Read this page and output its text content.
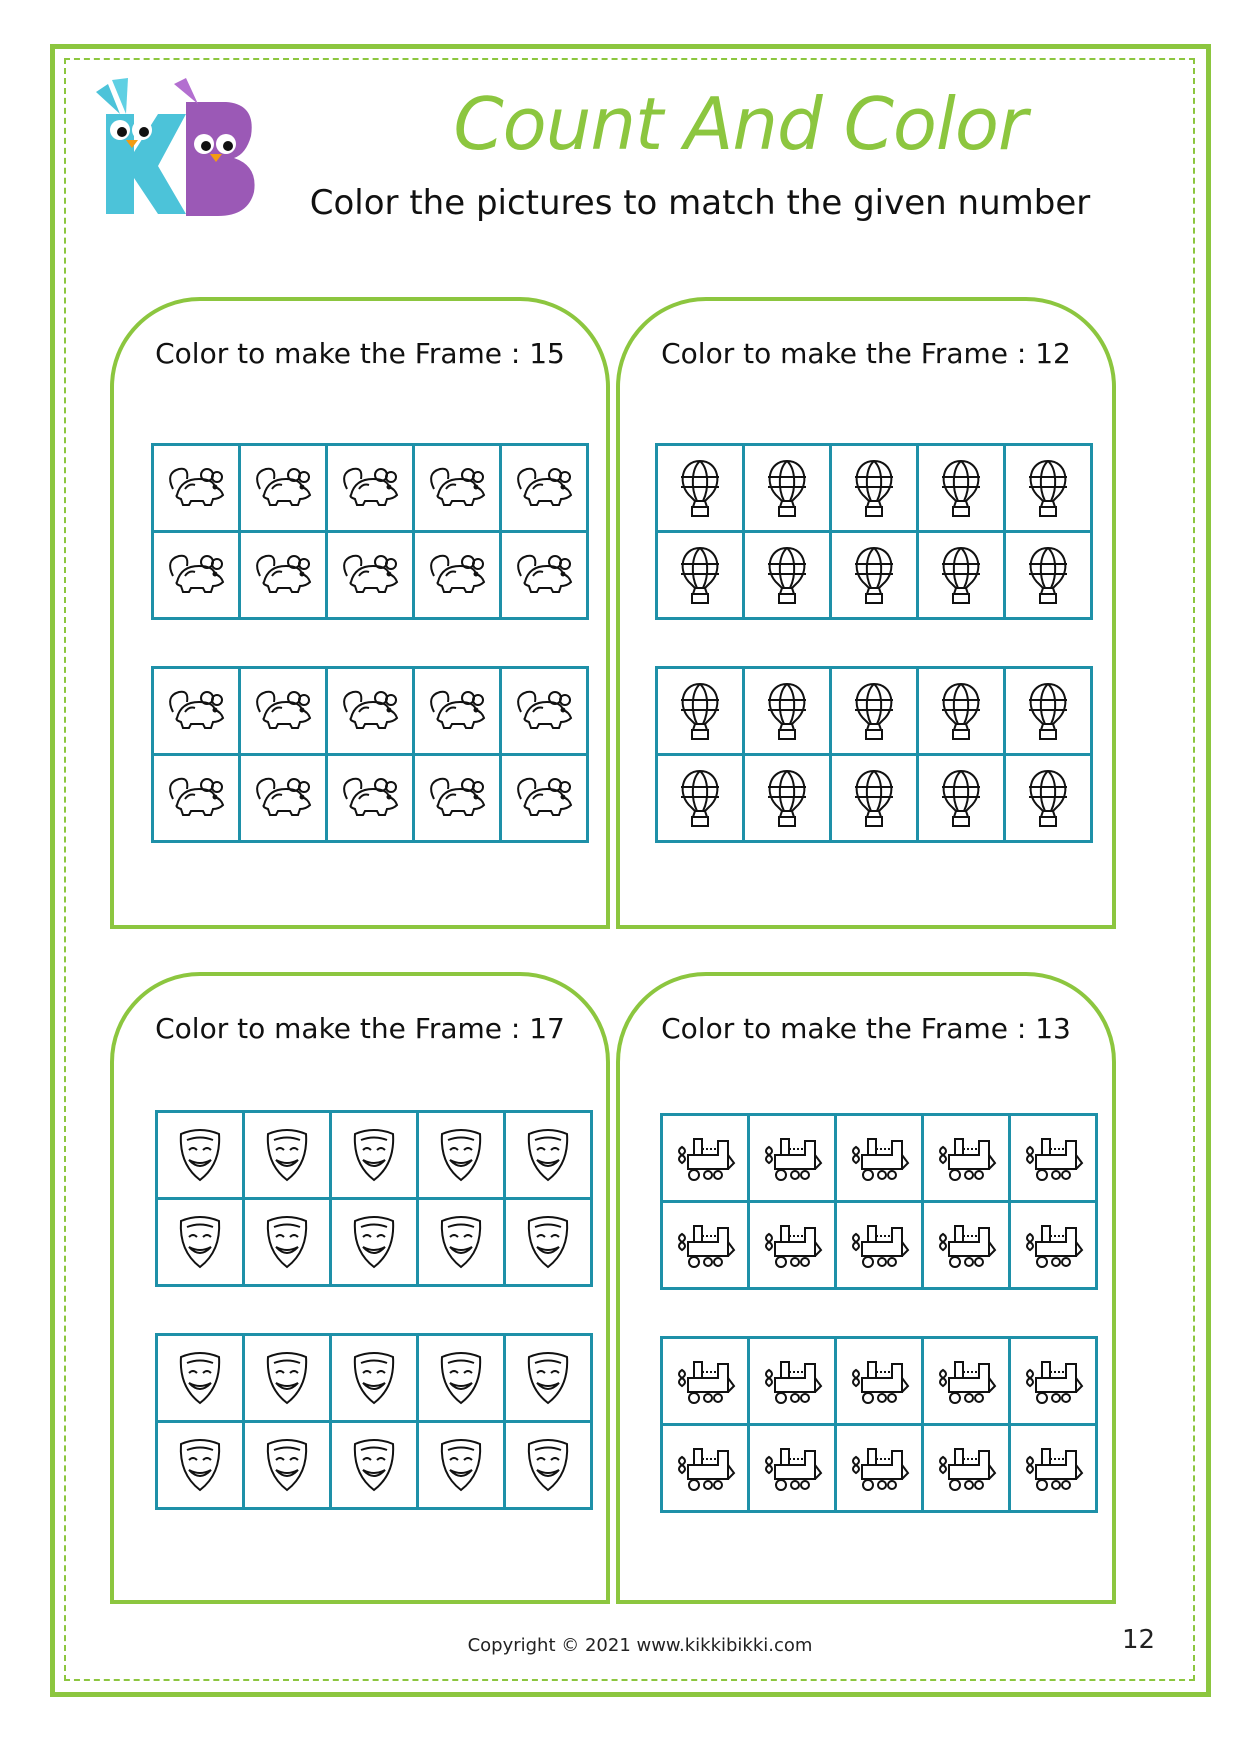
Count And Color
Color the pictures to match the given number
Color to make the Frame : 15	Color to make the Frame : 12
Color to make the Frame : 17	Color to make the Frame : 13
Copyright © 2021 www.kikkibikki.com	12
